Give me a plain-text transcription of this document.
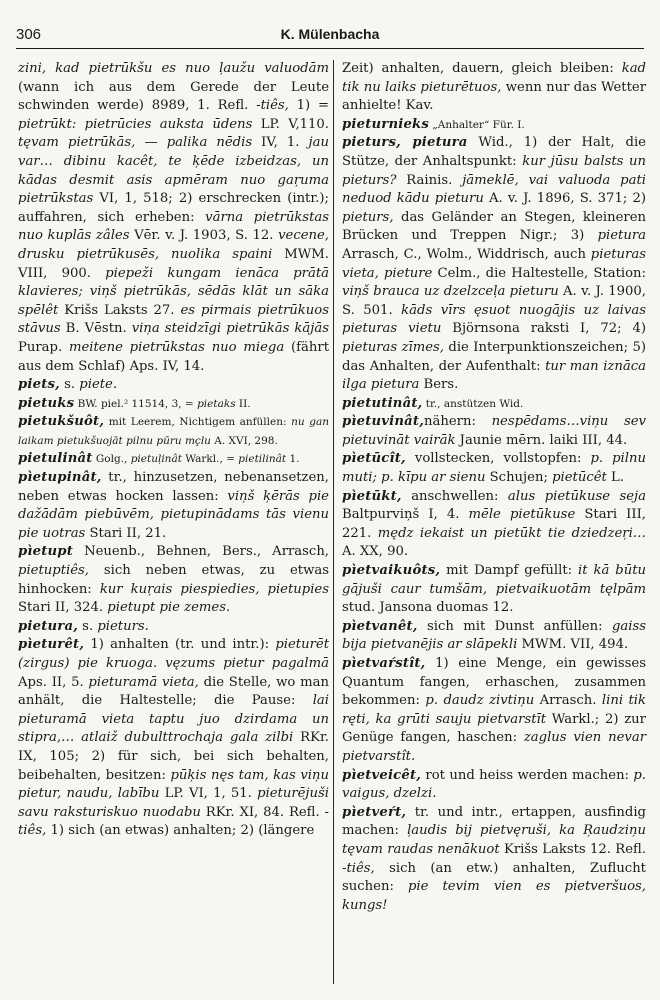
306	K. Mülenbacha

zini, kad pietrūkšu es nuo ļaužu valuodām (wann ich aus dem Gerede der Leute schwinden werde) 8989, 1. Refl. -tiês, 1) = pietrūkt: pietrūcies auksta ūdens LP. V,110. tęvam pietrūkās, — palika nēdis IV, 1. jau var… dibinu kacêt, te ķēde izbeidzas, un kādas desmit asis apmēram nuo gaŗuma pietrūkstas VI, 1, 518; 2) erschrecken (intr.); auffahren, sich erheben: vārna pietrūkstas nuo kuplās zâles Vēr. v. J. 1903, S. 12. vecene, drusku pietrūkusēs, nuolika spaini MWM. VIII, 900. piepeži kungam ienāca prātā klavieres; viņš pietrūkās, sēdās klāt un sāka spēlêt Krišs Laksts 27. es pirmais pietrūkuos stāvus B. Vēstn. viņa steidzīgi pietrūkās kājās Purap. meitene pietrūkstas nuo miega (fährt aus dem Schlaf) Aps. IV, 14.

piets, s. piete.

pietuks BW. piel.² 11514, 3, = pietaks II.

pietukšuôt, mit Leerem, Nichtigem anfüllen: nu gan laikam pietukšuojāt pilnu pūru mçlu A. XVI, 298.

pietulinât Golg., pietuļinât Warkl., = pietilinât 1.

pìetupinât, tr., hinzusetzen, nebenansetzen, neben etwas hocken lassen: viņš ķērās pie dažādām piebūvēm, pietupinādams tās vienu pie uotras Stari II, 21.

pìetupt Neuenb., Behnen, Bers., Arrasch, pietuptiês, sich neben etwas, zu etwas hinhocken: kur kuŗais piespiedies, pietupies Stari II, 324. pietupt pie zemes.

pietura, s. pieturs.

pìeturêt, 1) anhalten (tr. und intr.): pieturēt (zirgus) pie kruoga. vęzums pietur pagalmā Aps. II, 5. pieturamā vieta, die Stelle, wo man anhält, die Haltestelle; die Pause: lai pieturamā vieta taptu juo dzirdama un stipra,… atlaiž dubulttrochaja gala zilbi RKr. IX, 105; 2) für sich, bei sich behalten, beibehalten, besitzen: pūķis nęs tam, kas viņu pietur, naudu, labību LP. VI, 1, 51. pieturējuši savu raksturiskuo nuodabu RKr. XI, 84. Refl. -tiês, 1) sich (an etwas) anhalten; 2) (längere

Zeit) anhalten, dauern, gleich bleiben: kad tik nu laiks pieturētuos, wenn nur das Wetter anhielte! Kav.

pieturnieks „Anhalter“ Für. I.

pieturs, pietura Wid., 1) der Halt, die Stütze, der Anhaltspunkt: kur jūsu balsts un pieturs? Rainis. jāmeklē, vai valuoda pati neduod kādu pieturu A. v. J. 1896, S. 371; 2) pieturs, das Geländer an Stegen, kleineren Brücken und Treppen Nigr.; 3) pietura Arrasch, C., Wolm., Widdrisch, auch pieturas vieta, pieture Celm., die Haltestelle, Station: viņš brauca uz dzelzceļa pieturu A. v. J. 1900, S. 501. kāds vīrs ęsuot nuogājis uz laivas pieturas vietu Björnsona raksti I, 72; 4) pieturas zīmes, die Interpunktionszeichen; 5) das Anhalten, der Aufenthalt: tur man iznāca ilga pietura Bers.

pietutinât, tr., anstützen Wid.

pìetuvinât,nähern: nespēdams…viņu sev pietuvināt vairāk Jaunie mērn. laiki III, 44.

pìetūcît, vollstecken, vollstopfen: p. pilnu muti; p. kīpu ar sienu Schujen; pietūcêt L.

pìetūkt, anschwellen: alus pietūkuse seja Baltpurviņš I, 4. mēle pietūkuse Stari III, 221. mędz iekaist un pietūkt tie dziedzeŗi… A. XX, 90.

pìetvaikuôts, mit Dampf gefüllt: it kā būtu gājuši caur tumšām, pietvaikuotām tęlpām stud. Jansona duomas 12.

pìetvanêt, sich mit Dunst anfüllen: gaiss bija pietvanējis ar slāpekli MWM. VII, 494.

pìetvaŕstît, 1) eine Menge, ein gewisses Quantum fangen, erhaschen, zusammen bekommen: p. daudz zivtiņu Arrasch. lini tik ręti, ka grūti sauju pietvarstīt Warkl.; 2) zur Genüge fangen, haschen: zaglus vien nevar pietvarstît.

pìetveicêt, rot und heiss werden machen: p. vaigus, dzelzi.

pìetveŕt, tr. und intr., ertappen, ausfindig machen: ļaudis bij pietvęruši, ka Ŗaudziņu tęvam raudas nenākuot Krišs Laksts 12. Refl. -tiês, sich (an etw.) anhalten, Zuflucht suchen: pie tevim vien es pietveršuos, kungs!
